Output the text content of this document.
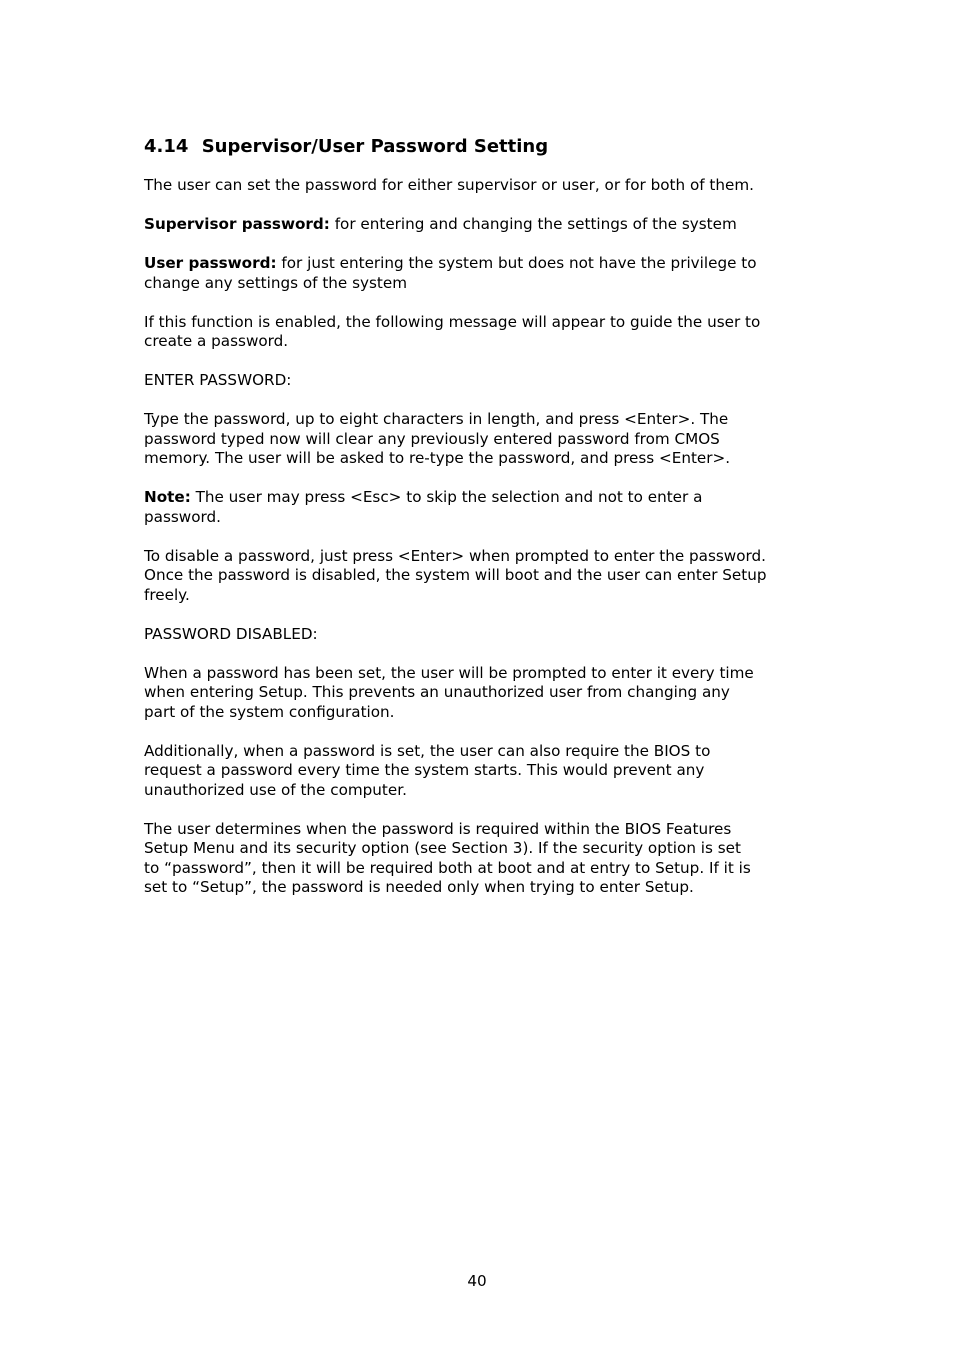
4.14 Supervisor/User Password Setting
The user can set the password for either supervisor or user, or for both of them.
Supervisor password: for entering and changing the settings of the system
User password: for just entering the system but does not have the privilege to
change any settings of the system
If this function is enabled, the following message will appear to guide the user to
create a password.
ENTER PASSWORD:
Type the password, up to eight characters in length, and press <Enter>. The
password typed now will clear any previously entered password from CMOS
memory. The user will be asked to re-type the password, and press <Enter>.
Note: The user may press <Esc> to skip the selection and not to enter a
password.
To disable a password, just press <Enter> when prompted to enter the password.
Once the password is disabled, the system will boot and the user can enter Setup
freely.
PASSWORD DISABLED:
When a password has been set, the user will be prompted to enter it every time
when entering Setup. This prevents an unauthorized user from changing any
part of the system configuration.
Additionally, when a password is set, the user can also require the BIOS to
request a password every time the system starts. This would prevent any
unauthorized use of the computer.
The user determines when the password is required within the BIOS Features
Setup Menu and its security option (see Section 3). If the security option is set
to “password”, then it will be required both at boot and at entry to Setup. If it is
set to “Setup”, the password is needed only when trying to enter Setup.
40
